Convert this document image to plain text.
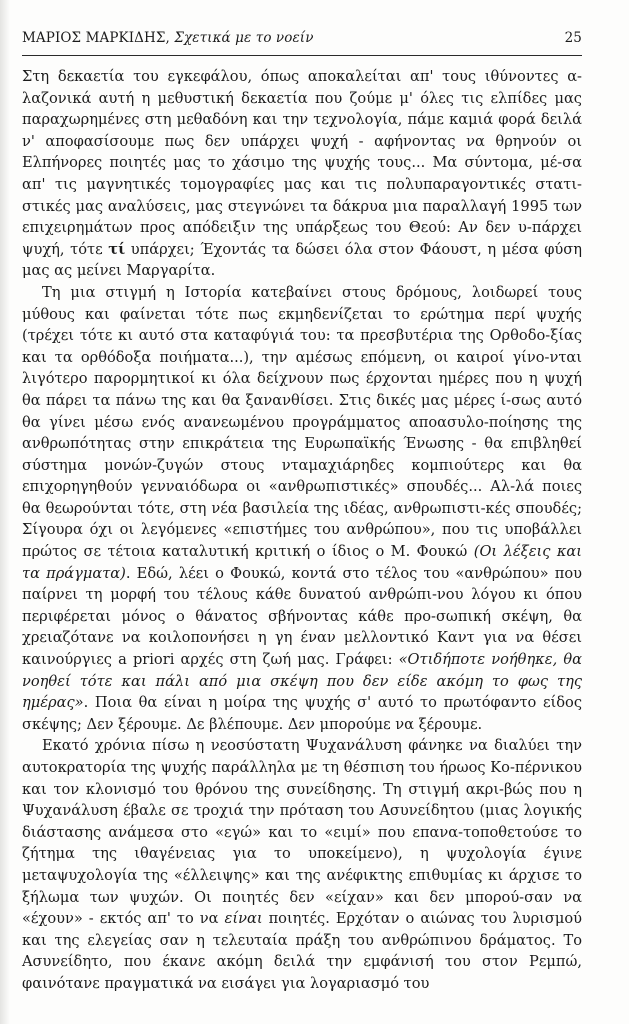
ΜΑΡΙΟΣ ΜΑΡΚΙΔΗΣ, Σχετικά με το νοείν	25

Στη δεκαετία του εγκεφάλου, όπως αποκαλείται απ' τους ιθύνοντες α-λαζονικά αυτή η μεθυστική δεκαετία που ζούμε μ' όλες τις ελπίδες μας παραχωρημένες στη μεθαδόνη και την τεχνολογία, πάμε καμιά φορά δειλά ν' αποφασίσουμε πως δεν υπάρχει ψυχή - αφήνοντας να θρηνούν οι Ελπήνορες ποιητές μας το χάσιμο της ψυχής τους... Μα σύντομα, μέ-σα απ' τις μαγνητικές τομογραφίες μας και τις πολυπαραγοντικές στατι-στικές μας αναλύσεις, μας στεγνώνει τα δάκρυα μια παραλλαγή 1995 των επιχειρημάτων προς απόδειξιν της υπάρξεως του Θεού: Αν δεν υ-πάρχει ψυχή, τότε τί υπάρχει; Έχοντάς τα δώσει όλα στον Φάουστ, η μέσα φύση μας ας μείνει Μαργαρίτα.

Τη μια στιγμή η Ιστορία κατεβαίνει στους δρόμους, λοιδωρεί τους μύθους και φαίνεται τότε πως εκμηδενίζεται το ερώτημα περί ψυχής (τρέχει τότε κι αυτό στα καταφύγιά του: τα πρεσβυτέρια της Ορθοδο-ξίας και τα ορθόδοξα ποιήματα...), την αμέσως επόμενη, οι καιροί γίνο-νται λιγότερο παρορμητικοί κι όλα δείχνουν πως έρχονται ημέρες που η ψυχή θα πάρει τα πάνω της και θα ξανανθίσει. Στις δικές μας μέρες ί-σως αυτό θα γίνει μέσω ενός ανανεωμένου προγράμματος αποασυλο-ποίησης της ανθρωπότητας στην επικράτεια της Ευρωπαϊκής Ένωσης - θα επιβληθεί σύστημα μονών-ζυγών στους νταμαχιάρηδες κομπιούτερς και θα επιχορηγηθούν γενναιόδωρα οι «ανθρωπιστικές» σπουδές... Αλ-λά ποιες θα θεωρούνται τότε, στη νέα βασιλεία της ιδέας, ανθρωπιστι-κές σπουδές; Σίγουρα όχι οι λεγόμενες «επιστήμες του ανθρώπου», που τις υποβάλλει πρώτος σε τέτοια καταλυτική κριτική ο ίδιος ο Μ. Φουκώ (Οι λέξεις και τα πράγματα). Εδώ, λέει ο Φουκώ, κοντά στο τέλος του «ανθρώπου» που παίρνει τη μορφή του τέλους κάθε δυνατού ανθρώπι-νου λόγου κι όπου περιφέρεται μόνος ο θάνατος σβήνοντας κάθε προ-σωπική σκέψη, θα χρειαζότανε να κοιλοπονήσει η γη έναν μελλοντικό Καντ για να θέσει καινούργιες a priori αρχές στη ζωή μας. Γράφει: «Οτιδήποτε νοήθηκε, θα νοηθεί τότε και πάλι από μια σκέψη που δεν είδε ακόμη το φως της ημέρας». Ποια θα είναι η μοίρα της ψυχής σ' αυτό το πρωτόφαντο είδος σκέψης; Δεν ξέρουμε. Δε βλέπουμε. Δεν μπορούμε να ξέρουμε.

Εκατό χρόνια πίσω η νεοσύστατη Ψυχανάλυση φάνηκε να διαλύει την αυτοκρατορία της ψυχής παράλληλα με τη θέσπιση του ήρωος Κο-πέρνικου και τον κλονισμό του θρόνου της συνείδησης. Τη στιγμή ακρι-βώς που η Ψυχανάλυση έβαλε σε τροχιά την πρόταση του Ασυνείδητου (μιας λογικής διάστασης ανάμεσα στο «εγώ» και το «ειμί» που επανα-τοποθετούσε το ζήτημα της ιθαγένειας για το υποκείμενο), η ψυχολογία έγινε μεταψυχολογία της «έλλειψης» και της ανέφικτης επιθυμίας κι άρχισε το ξήλωμα των ψυχών. Οι ποιητές δεν «είχαν» και δεν μπορού-σαν να «έχουν» - εκτός απ' το να είναι ποιητές. Ερχόταν ο αιώνας του λυρισμού και της ελεγείας σαν η τελευταία πράξη του ανθρώπινου δράματος. Το Ασυνείδητο, που έκανε ακόμη δειλά την εμφάνισή του στον Ρεμπώ, φαινότανε πραγματικά να εισάγει για λογαριασμό του
